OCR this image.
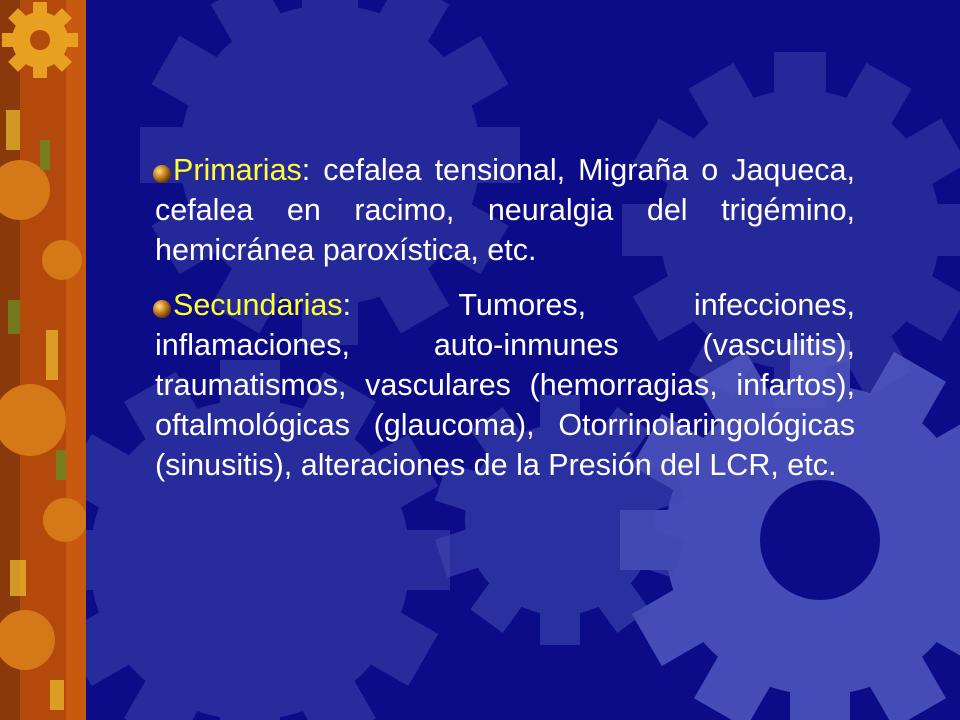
Primarias: cefalea tensional, Migraña o Jaqueca, cefalea en racimo, neuralgia del trigémino, hemicránea paroxística, etc.

Secundarias: Tumores, infecciones, inflamaciones, auto-inmunes (vasculitis), traumatismos, vasculares (hemorragias, infartos), oftalmológicas (glaucoma), Otorrinolaringológicas (sinusitis), alteraciones de la Presión del LCR, etc.
